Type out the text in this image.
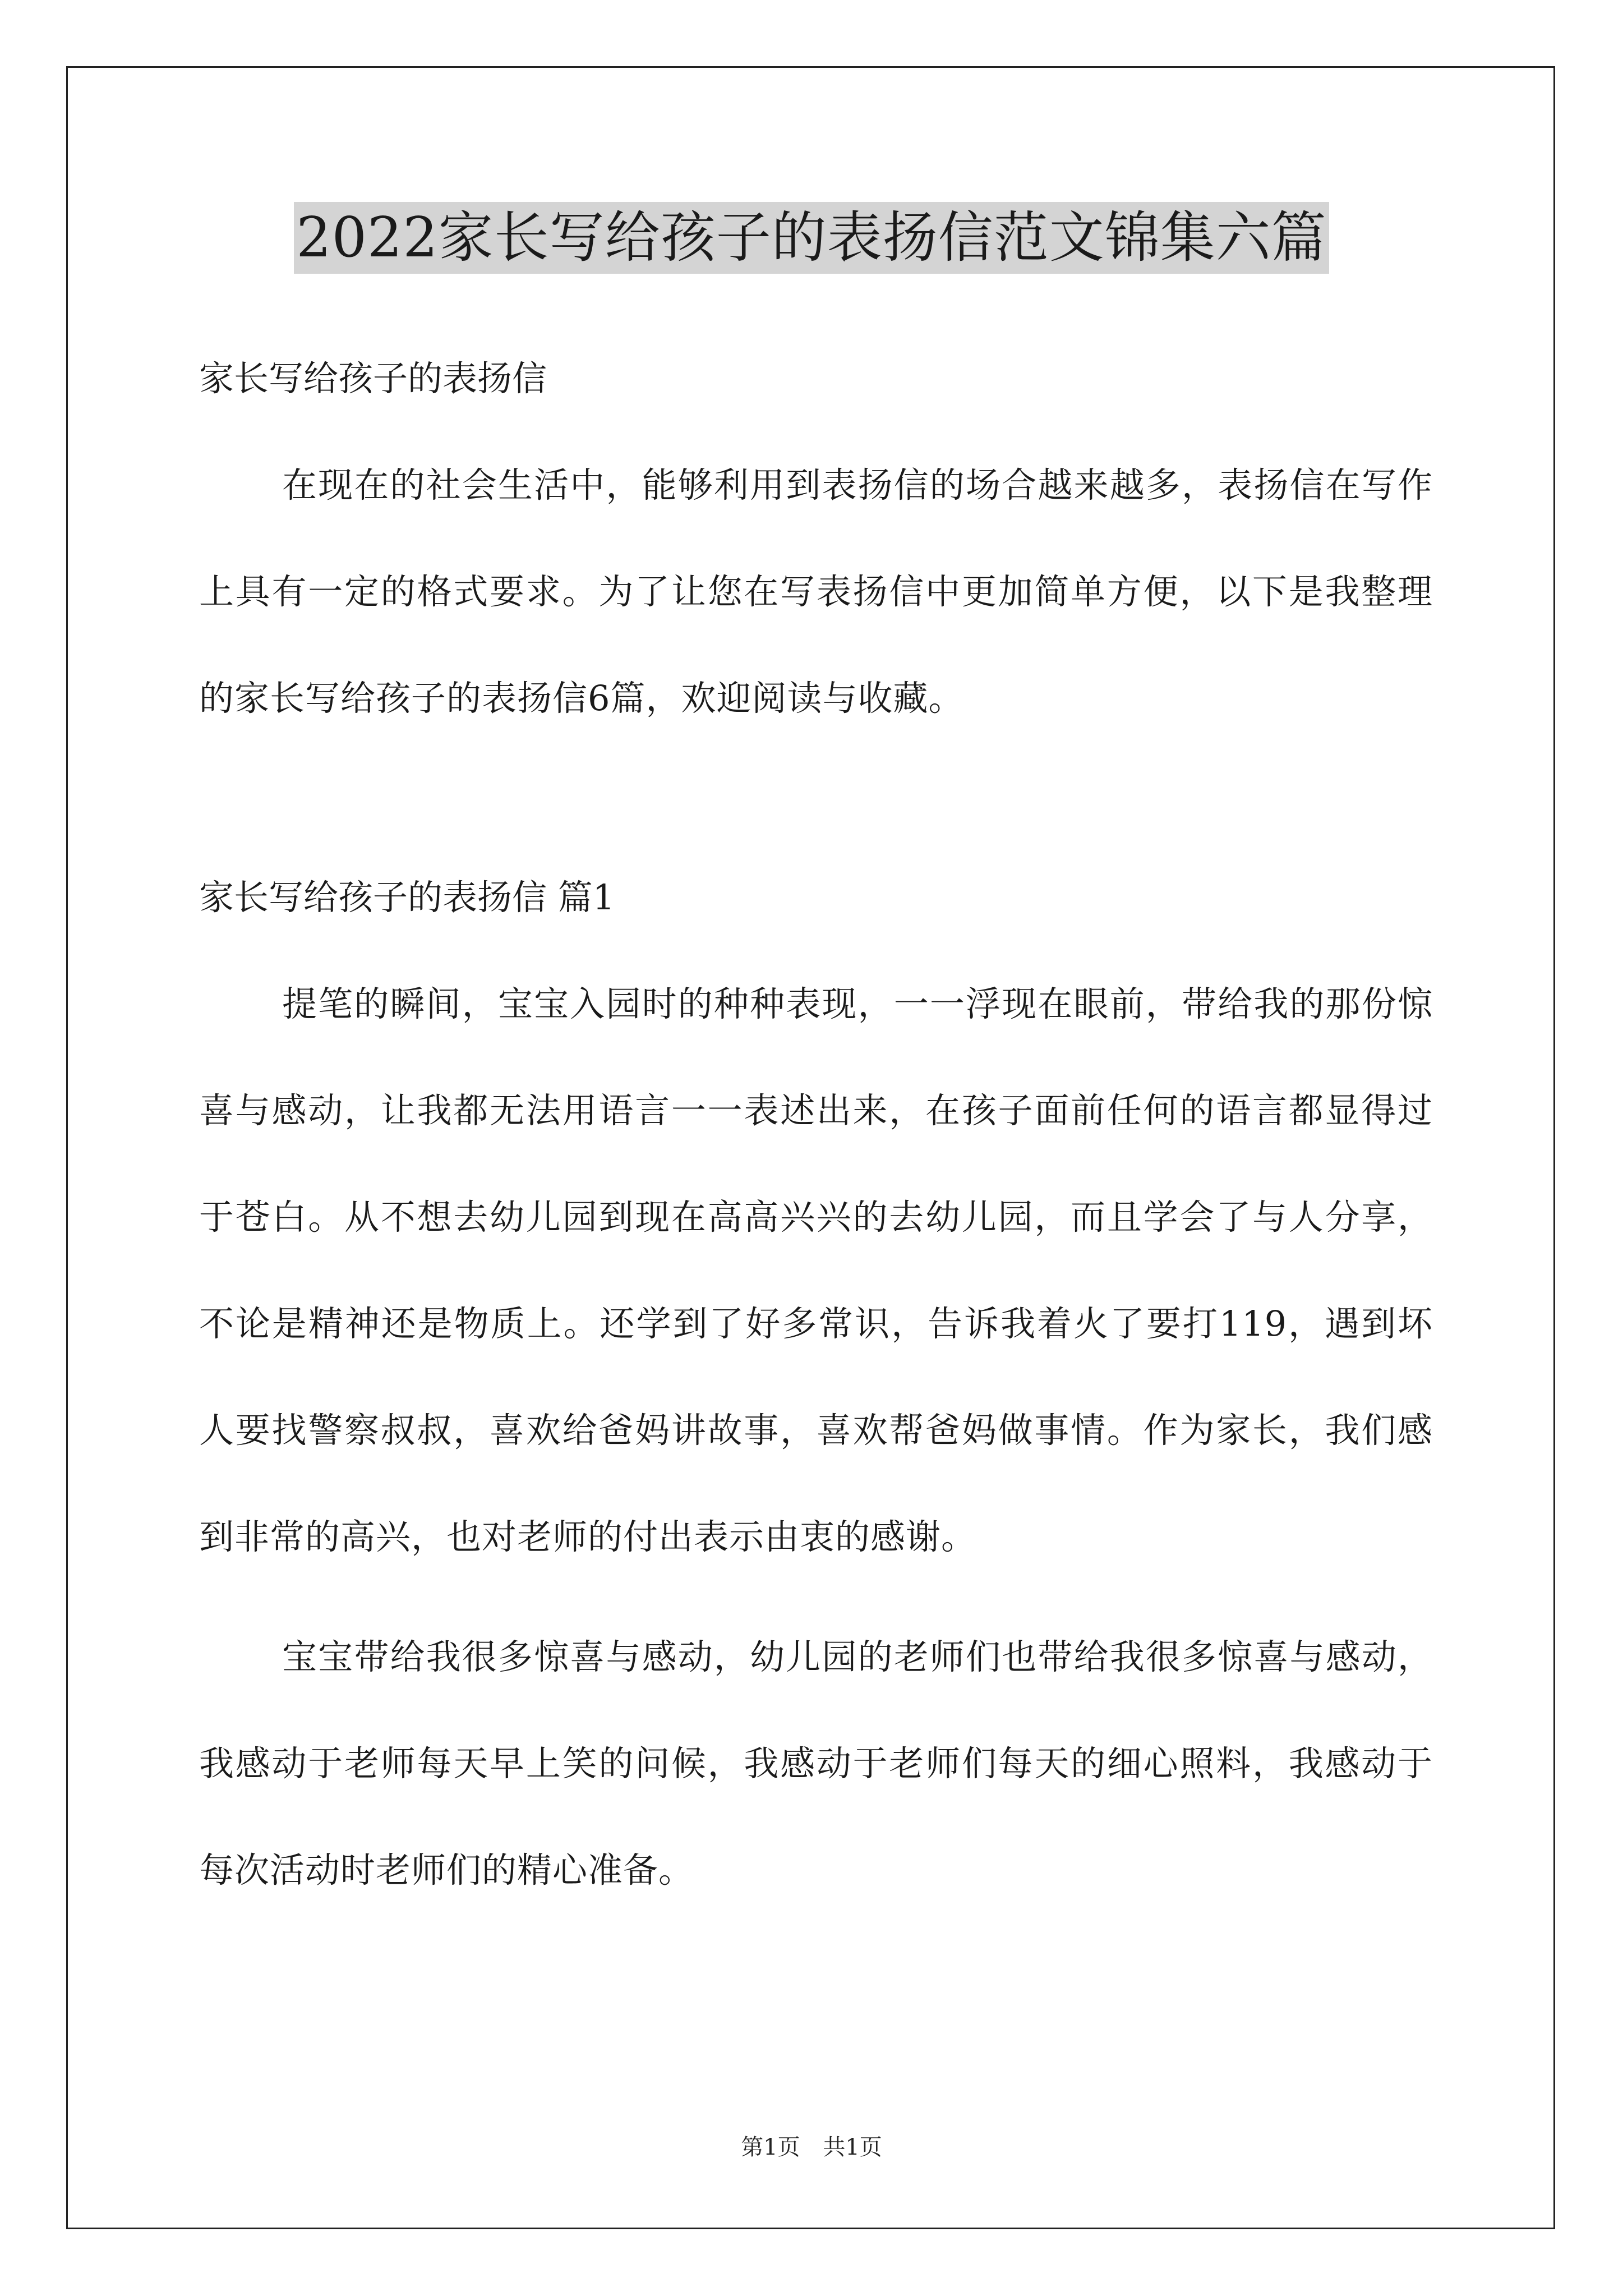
2022家长写给孩子的表扬信范文锦集六篇

家长写给孩子的表扬信

在现在的社会生活中，能够利用到表扬信的场合越来越多，表扬信在写作上具有一定的格式要求。为了让您在写表扬信中更加简单方便，以下是我整理的家长写给孩子的表扬信6篇，欢迎阅读与收藏。

家长写给孩子的表扬信 篇1

提笔的瞬间，宝宝入园时的种种表现，一一浮现在眼前，带给我的那份惊喜与感动，让我都无法用语言一一表述出来，在孩子面前任何的语言都显得过于苍白。从不想去幼儿园到现在高高兴兴的去幼儿园，而且学会了与人分享，不论是精神还是物质上。还学到了好多常识，告诉我着火了要打119，遇到坏人要找警察叔叔，喜欢给爸妈讲故事，喜欢帮爸妈做事情。作为家长，我们感到非常的高兴，也对老师的付出表示由衷的感谢。

宝宝带给我很多惊喜与感动，幼儿园的老师们也带给我很多惊喜与感动，我感动于老师每天早上笑的问候，我感动于老师们每天的细心照料，我感动于每次活动时老师们的精心准备。

第1页 共1页
